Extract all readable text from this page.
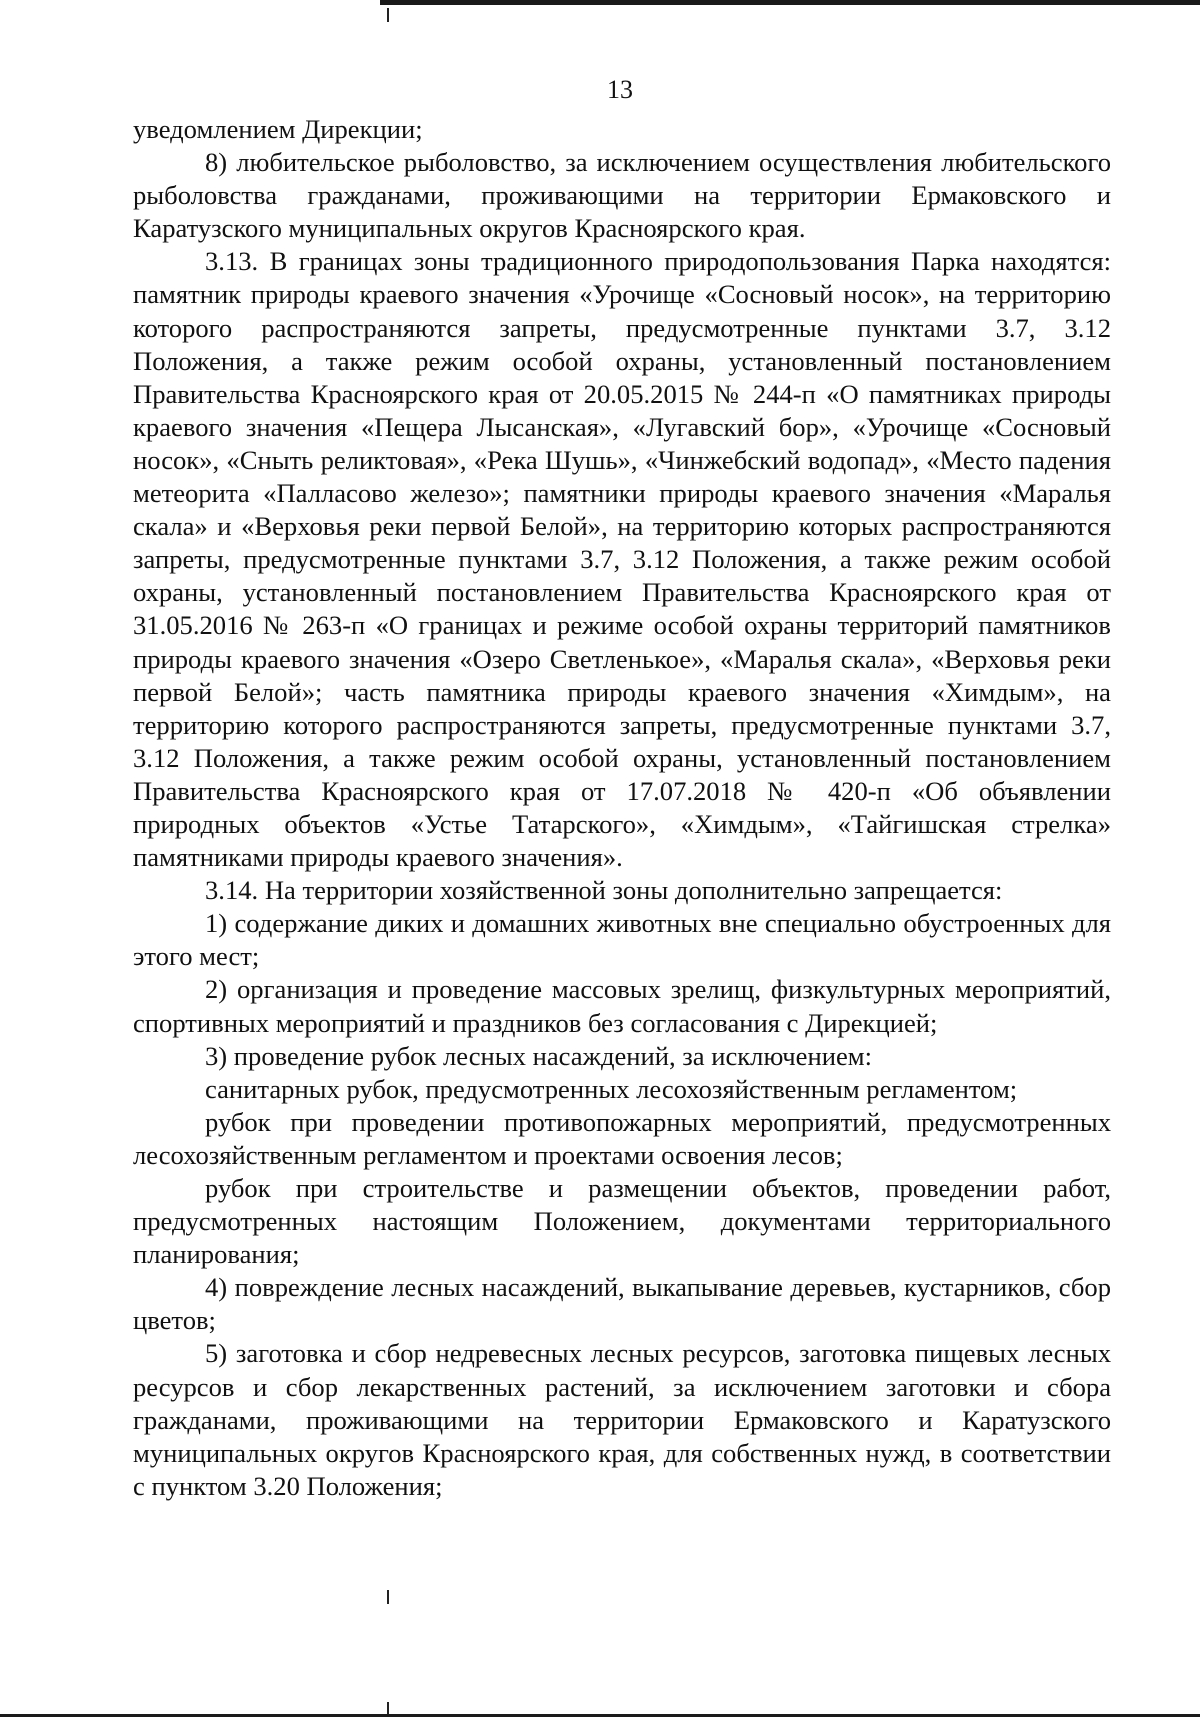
13

уведомлением Дирекции;

8) любительское рыболовство, за исключением осуществления любительского рыболовства гражданами, проживающими на территории Ермаковского и Каратузского муниципальных округов Красноярского края.

3.13. В границах зоны традиционного природопользования Парка находятся: памятник природы краевого значения «Урочище «Сосновый носок», на территорию которого распространяются запреты, предусмотренные пунктами 3.7, 3.12 Положения, а также режим особой охраны, установленный постановлением Правительства Красноярского края от 20.05.2015 № 244-п «О памятниках природы краевого значения «Пещера Лысанская», «Лугавский бор», «Урочище «Сосновый носок», «Сныть реликтовая», «Река Шушь», «Чинжебский водопад», «Место падения метеорита «Палласово железо»; памятники природы краевого значения «Маралья скала» и «Верховья реки первой Белой», на территорию которых распространяются запреты, предусмотренные пунктами 3.7, 3.12 Положения, а также режим особой охраны, установленный постановлением Правительства Красноярского края от 31.05.2016 № 263-п «О границах и режиме особой охраны территорий памятников природы краевого значения «Озеро Светленькое», «Маралья скала», «Верховья реки первой Белой»; часть памятника природы краевого значения «Химдым», на территорию которого распространяются запреты, предусмотренные пунктами 3.7, 3.12 Положения, а также режим особой охраны, установленный постановлением Правительства Красноярского края от 17.07.2018 № 420-п «Об объявлении природных объектов «Устье Татарского», «Химдым», «Тайгишская стрелка» памятниками природы краевого значения».

3.14. На территории хозяйственной зоны дополнительно запрещается:

1) содержание диких и домашних животных вне специально обустроенных для этого мест;

2) организация и проведение массовых зрелищ, физкультурных мероприятий, спортивных мероприятий и праздников без согласования с Дирекцией;

3) проведение рубок лесных насаждений, за исключением:

санитарных рубок, предусмотренных лесохозяйственным регламентом;

рубок при проведении противопожарных мероприятий, предусмотренных лесохозяйственным регламентом и проектами освоения лесов;

рубок при строительстве и размещении объектов, проведении работ, предусмотренных настоящим Положением, документами территориального планирования;

4) повреждение лесных насаждений, выкапывание деревьев, кустарников, сбор цветов;

5) заготовка и сбор недревесных лесных ресурсов, заготовка пищевых лесных ресурсов и сбор лекарственных растений, за исключением заготовки и сбора гражданами, проживающими на территории Ермаковского и Каратузского муниципальных округов Красноярского края, для собственных нужд, в соответствии с пунктом 3.20 Положения;
